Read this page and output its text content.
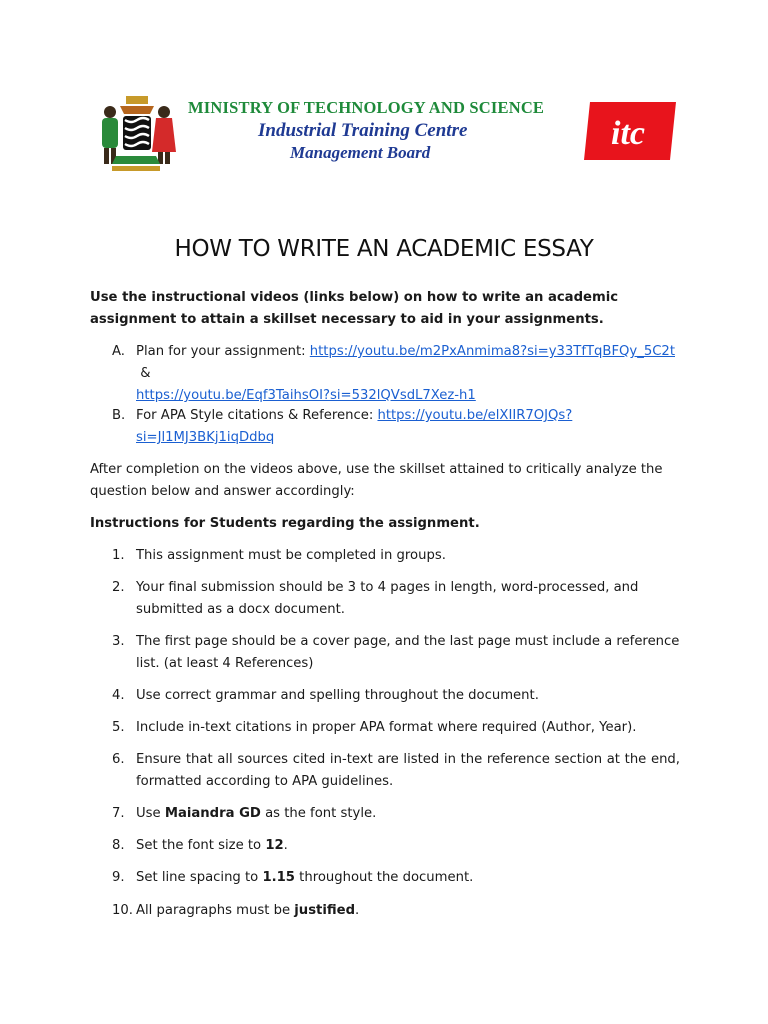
MINISTRY OF TECHNOLOGY AND SCIENCE
Industrial Training Centre
Management Board
itc
HOW TO WRITE AN ACADEMIC ESSAY
Use the instructional videos (links below) on how to write an academic assignment to attain a skillset necessary to aid in your assignments.
A. Plan for your assignment: https://youtu.be/m2PxAnmima8?si=y33TfTqBFQy_5C2t  &
https://youtu.be/Eqf3TaihsOI?si=532lQVsdL7Xez-h1
B. For APA Style citations & Reference: https://youtu.be/elXIIR7OJQs?si=Jl1MJ3BKj1iqDdbq
After completion on the videos above, use the skillset attained to critically analyze the question below and answer accordingly:
Instructions for Students regarding the assignment.
1. This assignment must be completed in groups.
2. Your final submission should be 3 to 4 pages in length, word-processed, and submitted as a docx document.
3. The first page should be a cover page, and the last page must include a reference list. (at least 4 References)
4. Use correct grammar and spelling throughout the document.
5. Include in-text citations in proper APA format where required (Author, Year).
6. Ensure that all sources cited in-text are listed in the reference section at the end, formatted according to APA guidelines.
7. Use Maiandra GD as the font style.
8. Set the font size to 12.
9. Set line spacing to 1.15 throughout the document.
10. All paragraphs must be justified.
